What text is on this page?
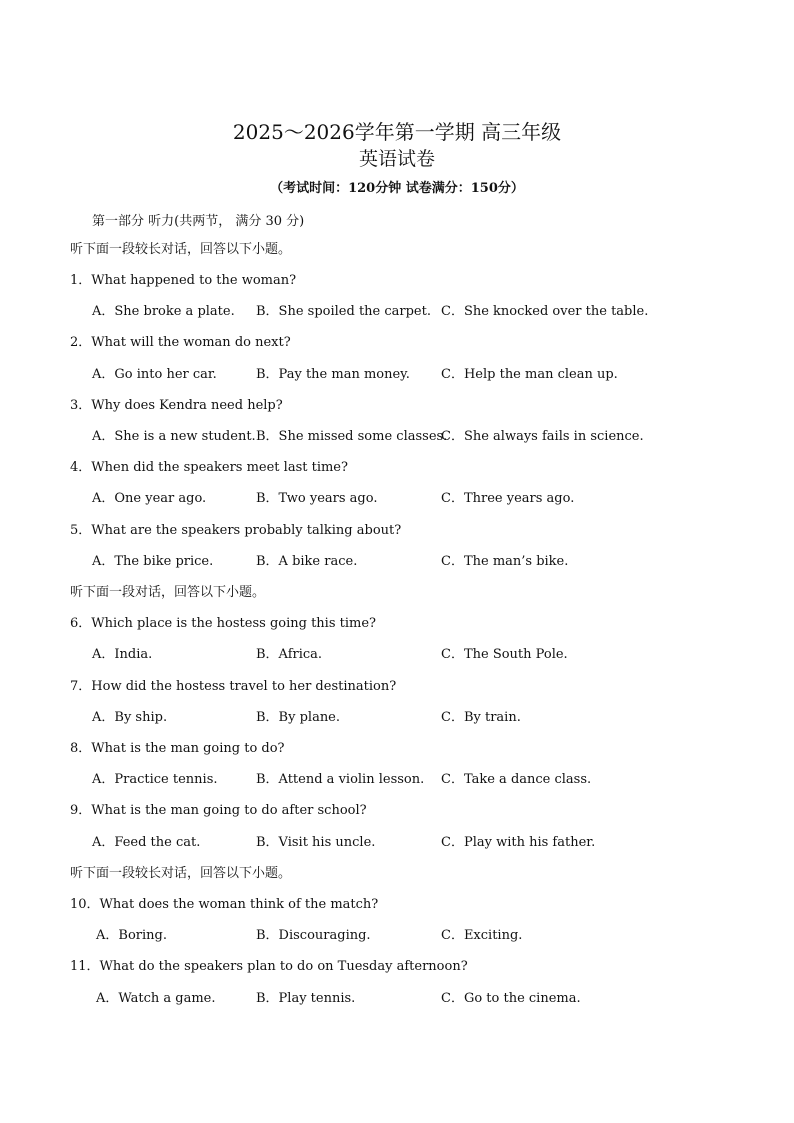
2025～2026学年第一学期 高三年级
英语试卷
（考试时间：120分钟 试卷满分：150分）
第一部分 听力(共两节， 满分 30 分)
听下面一段较长对话，回答以下小题。
1．What happened to the woman?
A．She broke a plate. B．She spoiled the carpet. C．She knocked over the table.
2．What will the woman do next?
A．Go into her car.	B．Pay the man money. C．Help the man clean up.
3．Why does Kendra need help?
A．She is a new student. B．She missed some classes.
C．She always fails in science.
4．When did the speakers meet last time?
A．One year ago.	B．Two years ago.	C．Three years ago.
5．What are the speakers probably talking about?
A．The bike price.	B．A bike race.	C．The man’s bike.
听下面一段对话，回答以下小题。
6．Which place is the hostess going this time?
A．India.	B．Africa.	C．The South Pole.
7．How did the hostess travel to her destination?
A．By ship.	B．By plane.	C．By train.
8．What is the man going to do?
A．Practice tennis.	B．Attend a violin lesson. C．Take a dance class.
9．What is the man going to do after school?
A．Feed the cat.	B．Visit his uncle.	C．Play with his father.
听下面一段较长对话，回答以下小题。
10．What does the woman think of the match?
A．Boring.	B．Discouraging.	C．Exciting.
11．What do the speakers plan to do on Tuesday afternoon?
A．Watch a game.	B．Play tennis.	C．Go to the cinema.
